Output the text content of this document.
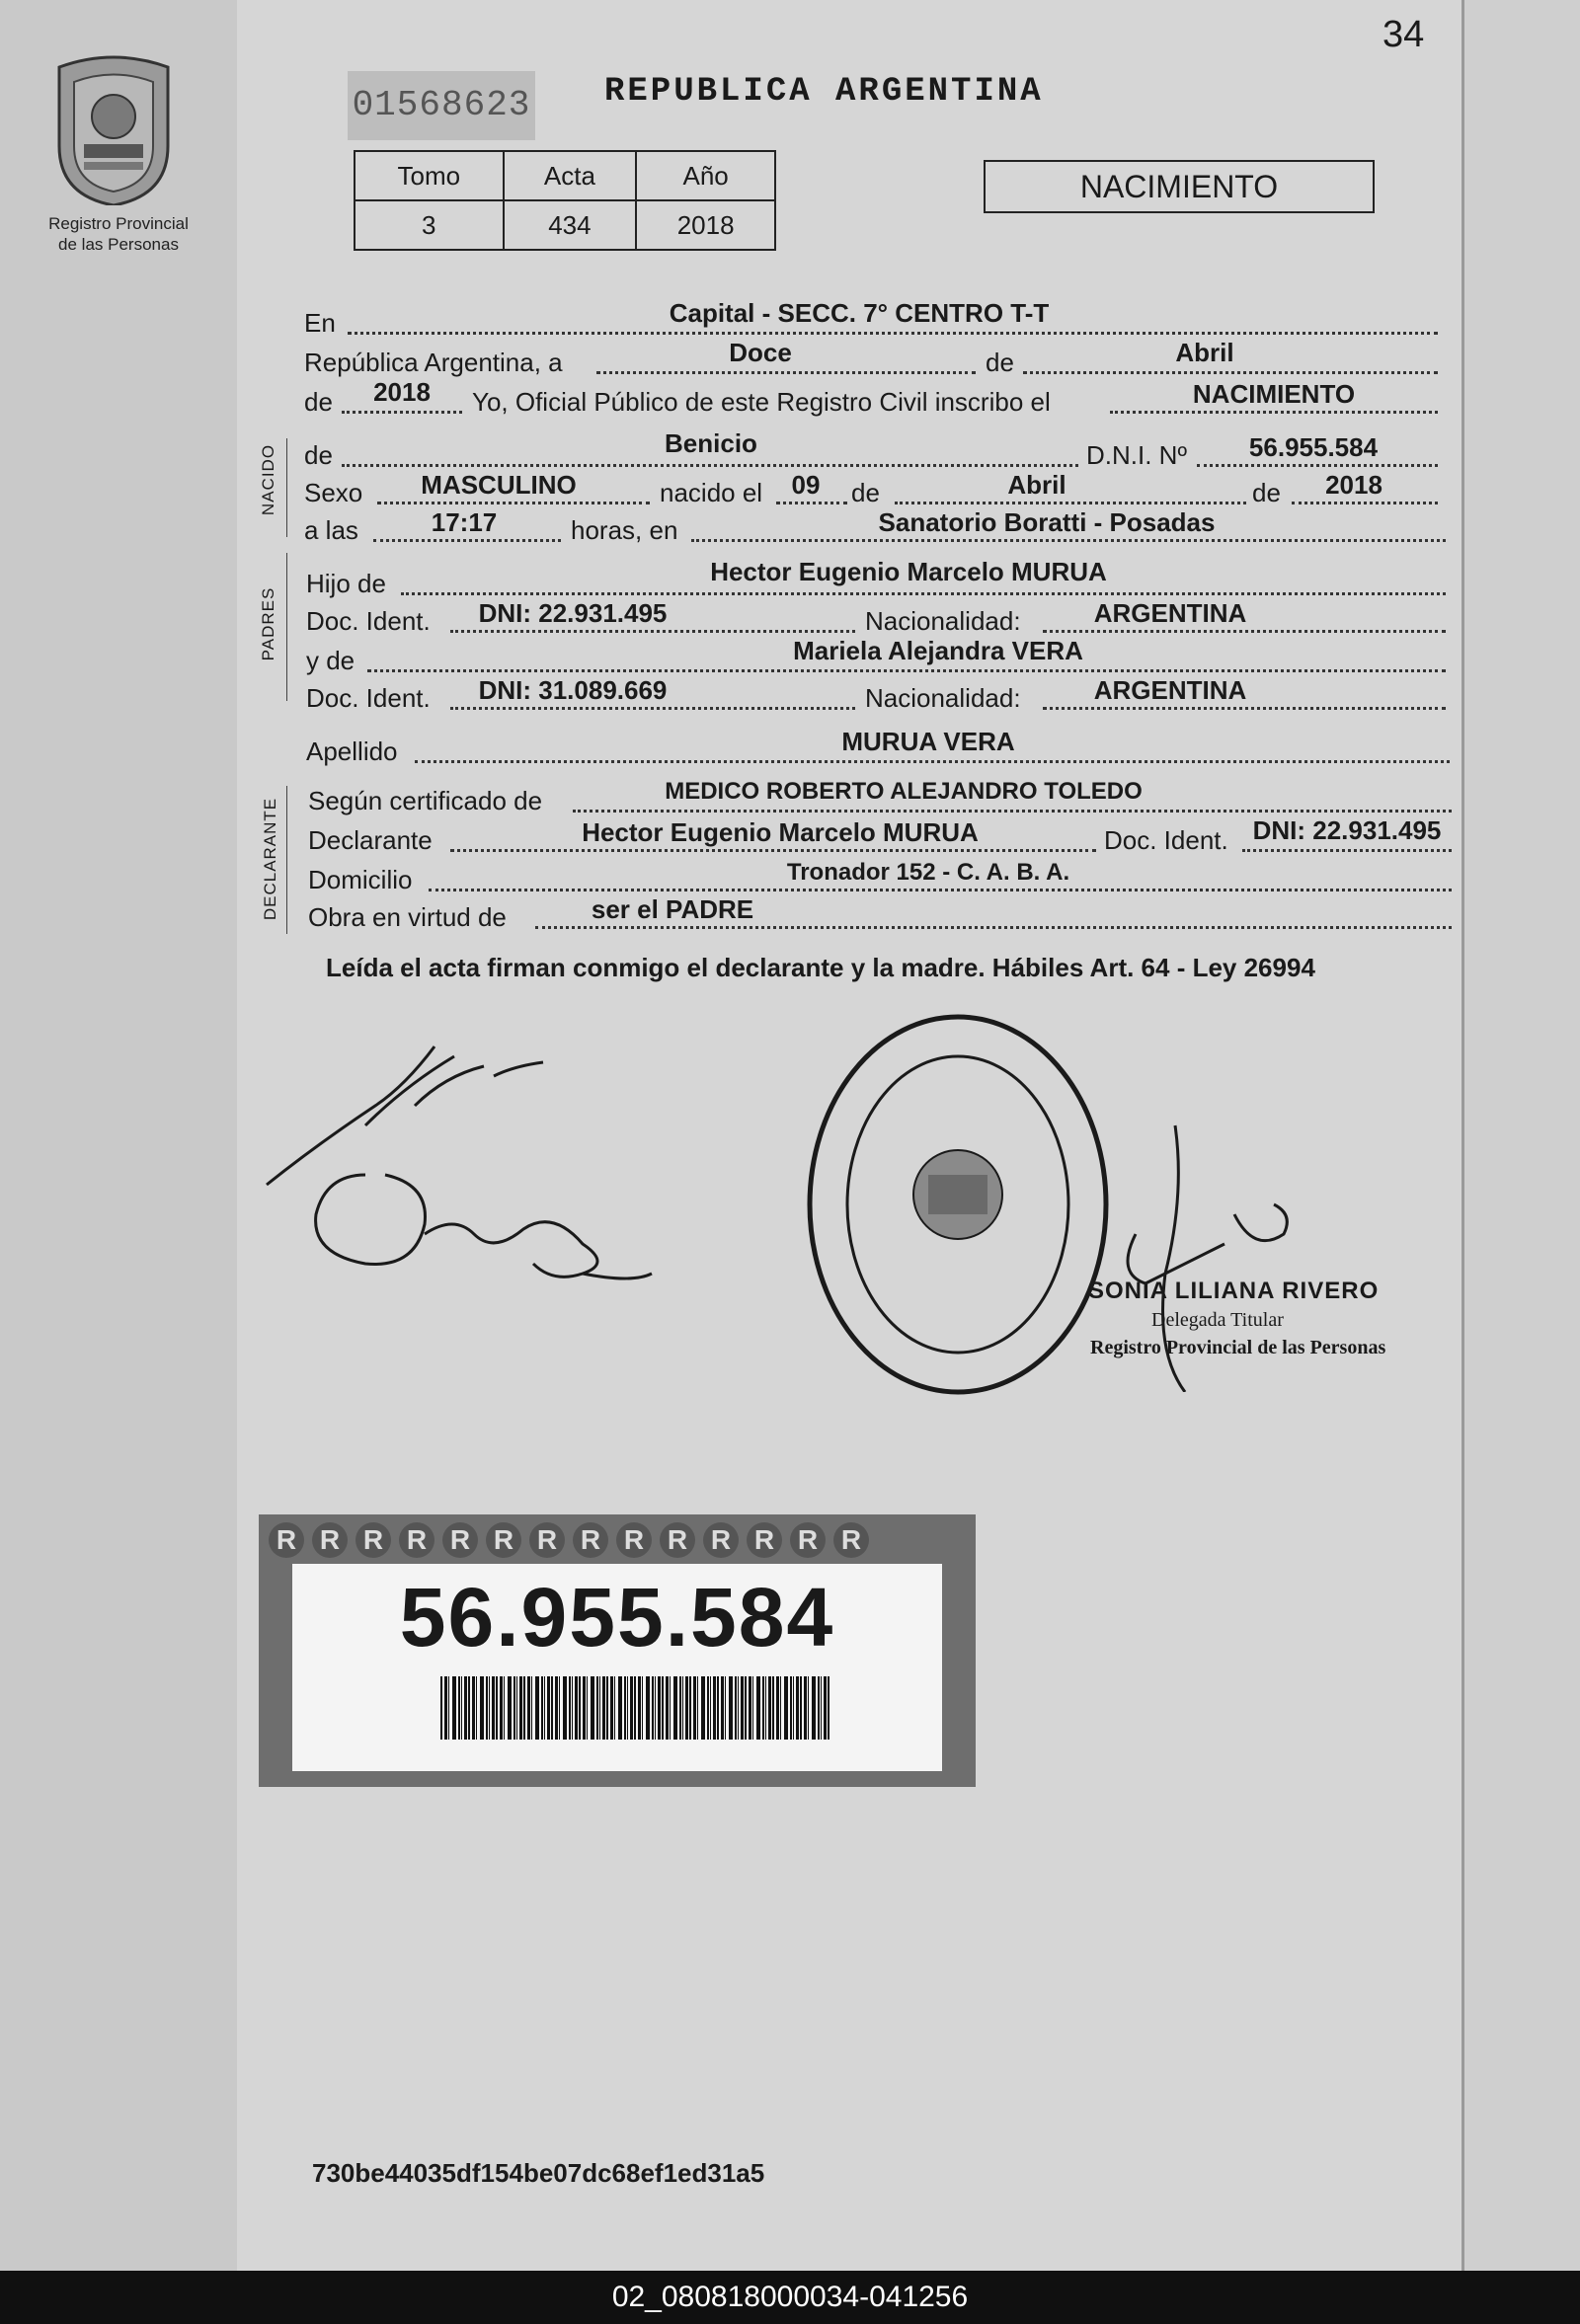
34
Registro Provincial
de las Personas
01568623 REPUBLICA ARGENTINA
Tomo	Acta	Año
3	434	2018
NACIMIENTO
En	Capital - SECC. 7° CENTRO T-T
República Argentina, a	Doce	de	Abril
de	2018	Yo, Oficial Público de este Registro Civil inscribo el	NACIMIENTO
NACIDO de	Benicio	D.N.I. Nº	56.955.584
Sexo	MASCULINO	nacido el	09	de	Abril	de	2018
a las	17:17	horas, en	Sanatorio Boratti - Posadas
PADRES
Hijo de	Hector Eugenio Marcelo MURUA
Doc. Ident.	DNI: 22.931.495	Nacionalidad:	ARGENTINA
y de	Mariela Alejandra VERA
Doc. Ident.	DNI: 31.089.669	Nacionalidad:	ARGENTINA
Apellido	MURUA VERA
DECLARANTE Según certificado de	MEDICO ROBERTO ALEJANDRO TOLEDO
Declarante	Hector Eugenio Marcelo MURUA	Doc. Ident. DNI: 22.931.495
Domicilio	Tronador 152 - C. A. B. A.
Obra en virtud de	ser el PADRE
Leída el acta firman conmigo el declarante y la madre. Hábiles Art. 64 - Ley 26994
SONIA LILIANA RIVERO
Delegada Titular
Registro Provincial de las Personas
R R R R R R R R R R R R R R
56.955.584
730be44035df154be07dc68ef1ed31a5
02_080818000034-041256
